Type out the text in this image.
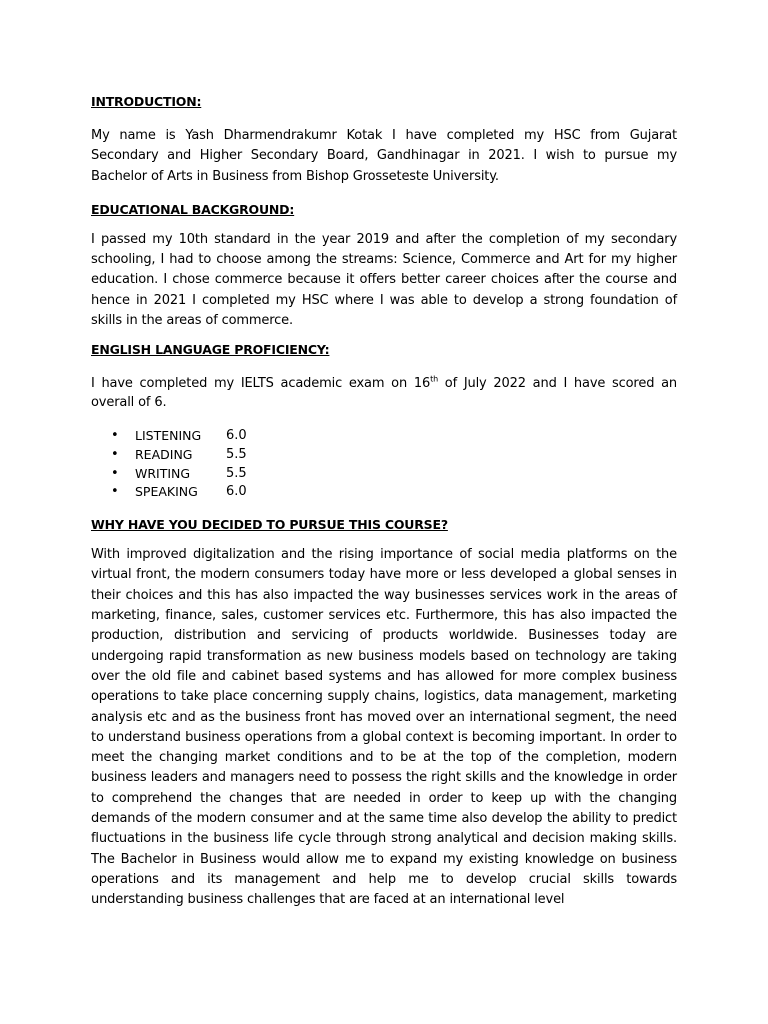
INTRODUCTION:

My name is Yash Dharmendrakumr Kotak I have completed my HSC from Gujarat Secondary and Higher Secondary Board, Gandhinagar in 2021. I wish to pursue my Bachelor of Arts in Business from Bishop Grosseteste University.

EDUCATIONAL BACKGROUND:

I passed my 10th standard in the year 2019 and after the completion of my secondary schooling, I had to choose among the streams: Science, Commerce and Art for my higher education. I chose commerce because it offers better career choices after the course and hence in 2021 I completed my HSC where I was able to develop a strong foundation of skills in the areas of commerce.

ENGLISH LANGUAGE PROFICIENCY:

I have completed my IELTS academic exam on 16th of July 2022 and I have scored an overall of 6.

•	LISTENING	6.0
•	READING	5.5
•	WRITING	5.5
•	SPEAKING	6.0
WHY HAVE YOU DECIDED TO PURSUE THIS COURSE?

With improved digitalization and the rising importance of social media platforms on the virtual front, the modern consumers today have more or less developed a global senses in their choices and this has also impacted the way businesses services work in the areas of marketing, finance, sales, customer services etc. Furthermore, this has also impacted the production, distribution and servicing of products worldwide. Businesses today are undergoing rapid transformation as new business models based on technology are taking over the old file and cabinet based systems and has allowed for more complex business operations to take place concerning supply chains, logistics, data management, marketing analysis etc and as the business front has moved over an international segment, the need to understand business operations from a global context is becoming important. In order to meet the changing market conditions and to be at the top of the completion, modern business leaders and managers need to possess the right skills and the knowledge in order to comprehend the changes that are needed in order to keep up with the changing demands of the modern consumer and at the same time also develop the ability to predict fluctuations in the business life cycle through strong analytical and decision making skills. The Bachelor in Business would allow me to expand my existing knowledge on business operations and its management and help me to develop crucial skills towards understanding business challenges that are faced at an international level
